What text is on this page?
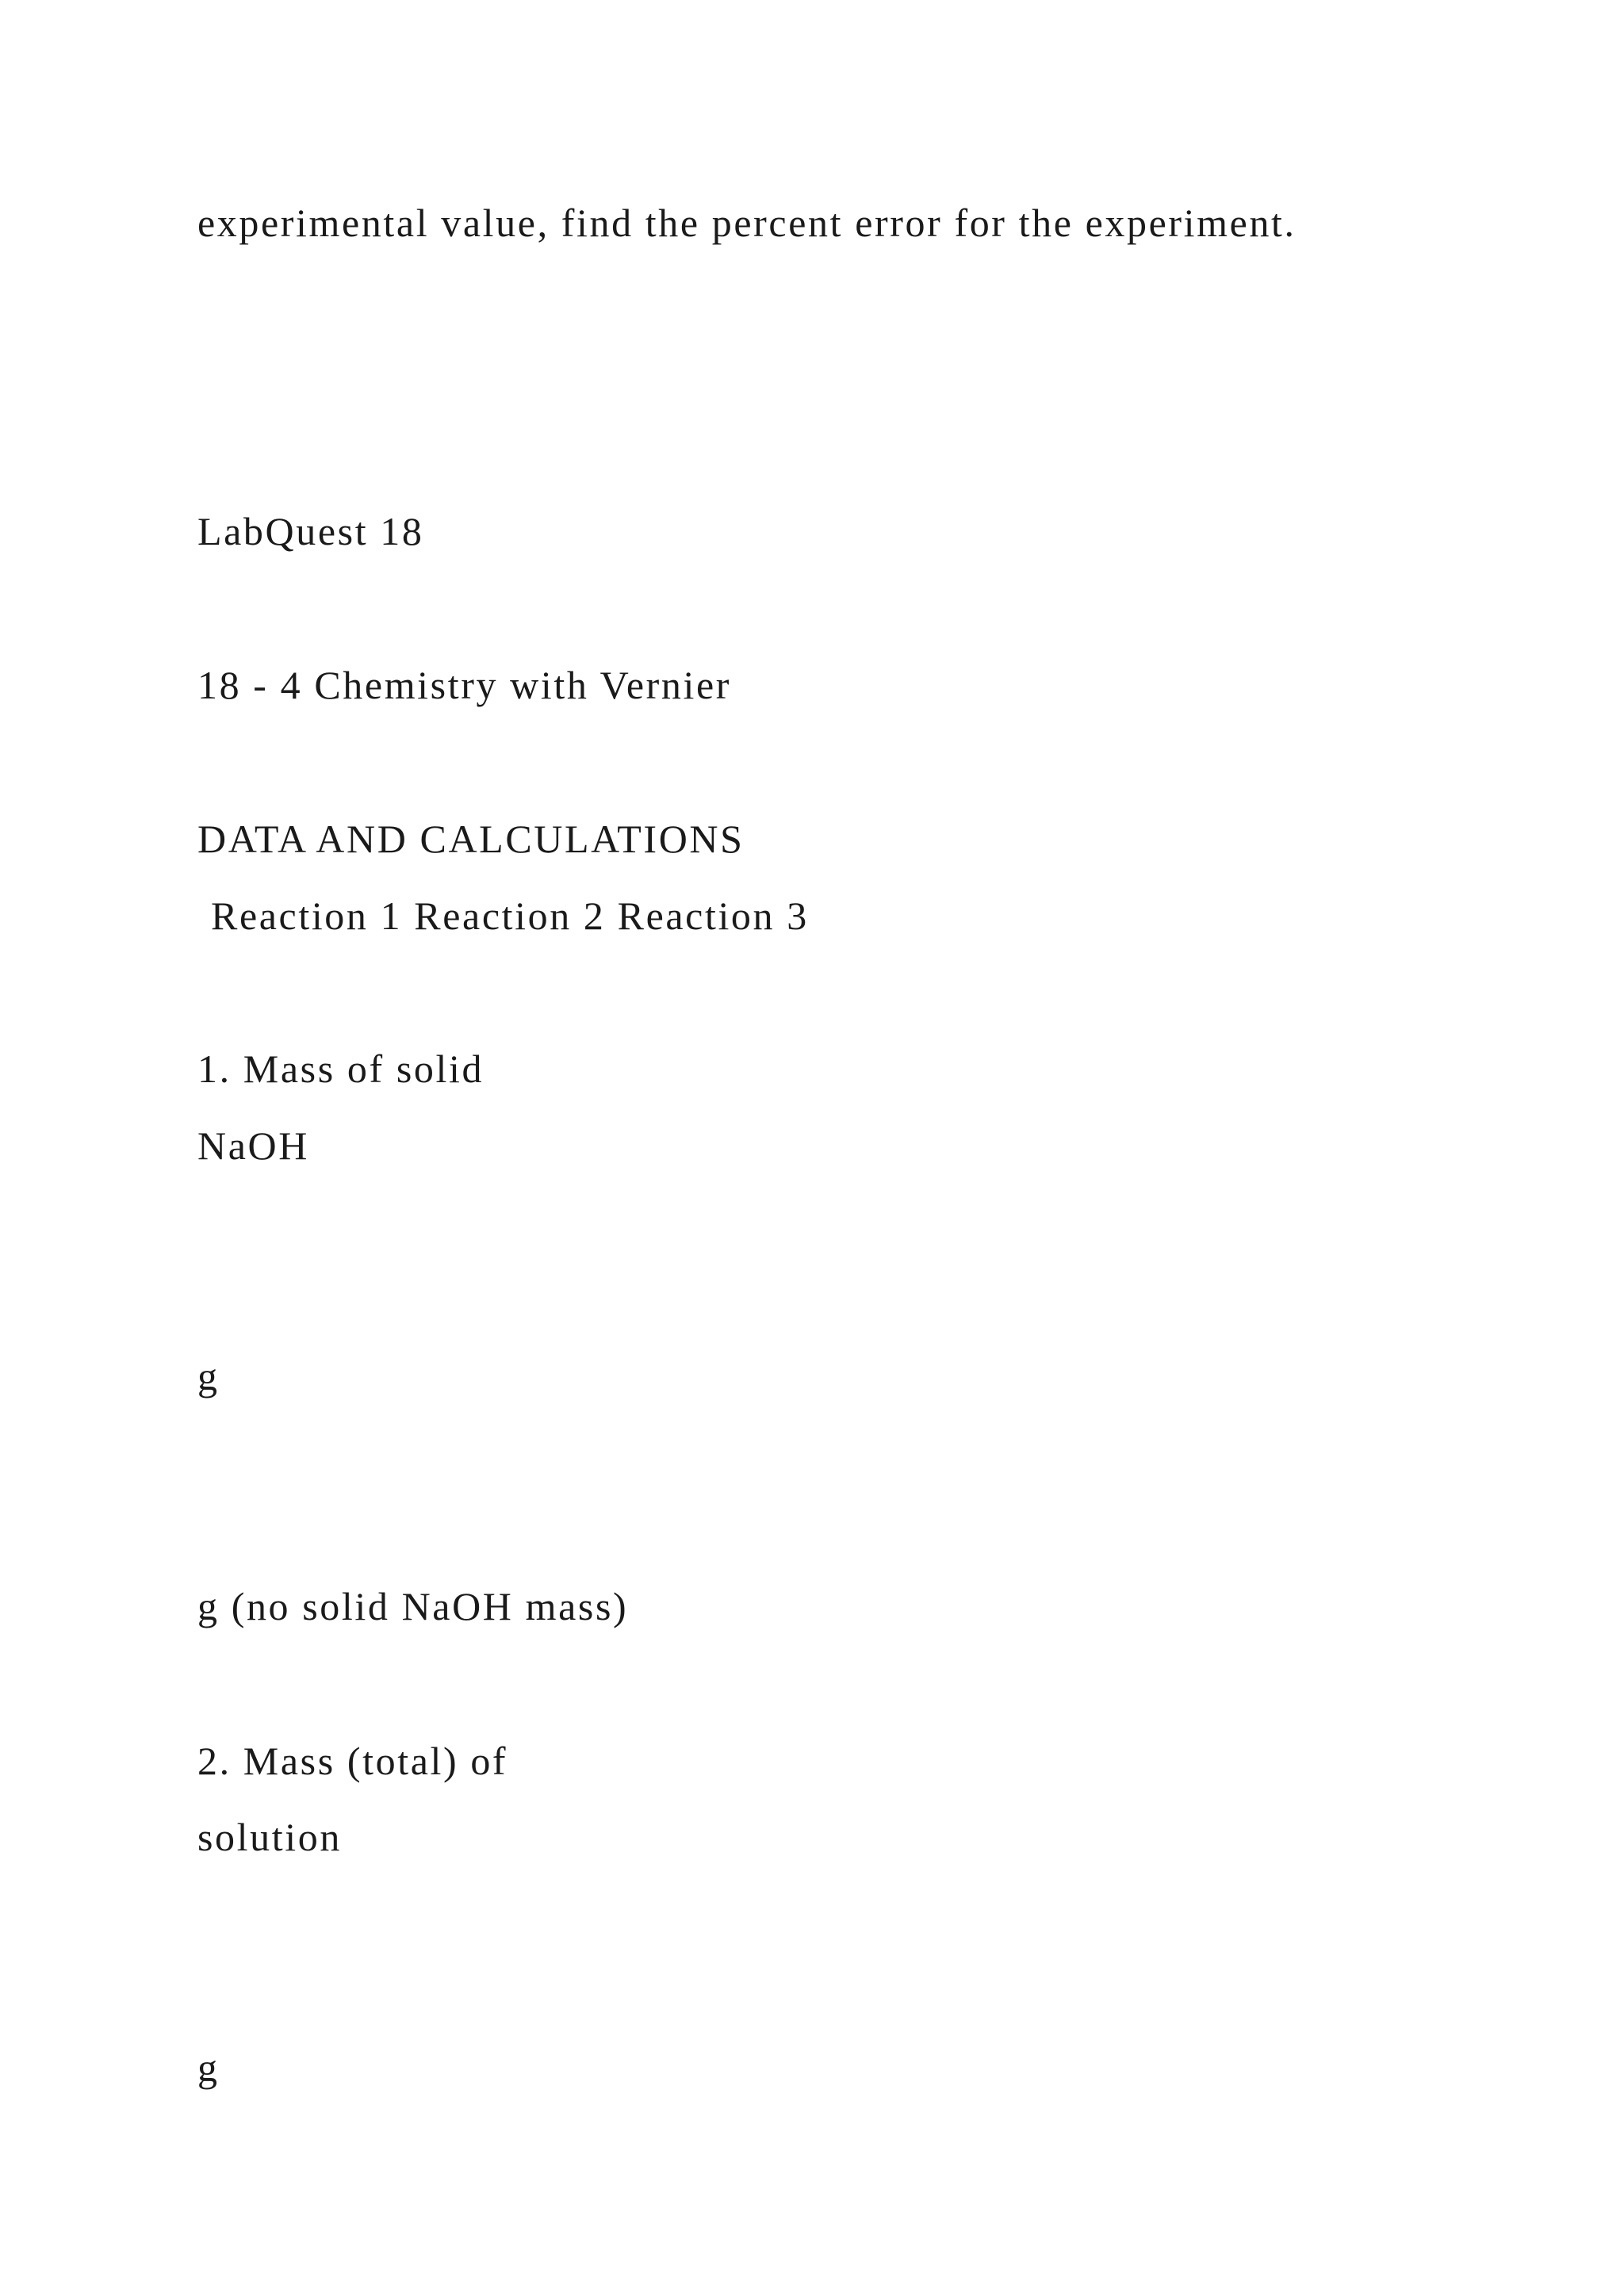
experimental value, find the percent error for the experiment.
LabQuest 18
18 - 4 Chemistry with Vernier
DATA AND CALCULATIONS
Reaction 1 Reaction 2 Reaction 3
1. Mass of solid
NaOH
g
g (no solid NaOH mass)
2. Mass (total) of
solution
g
